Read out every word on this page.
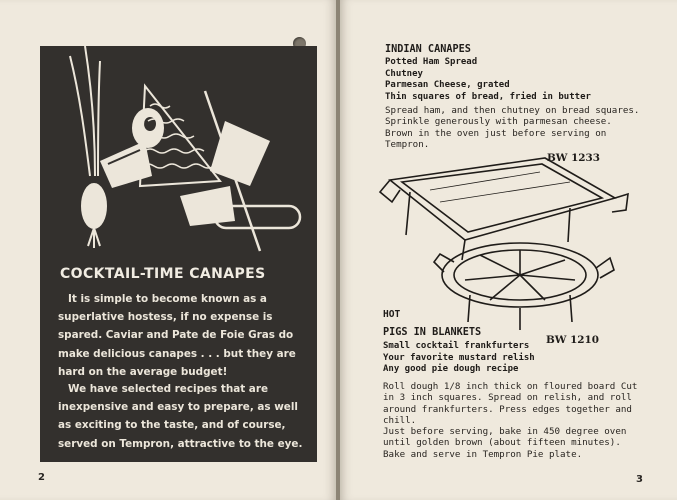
COCKTAIL-TIME CANAPES

It is simple to become known as a superlative hostess, if no expense is spared. Caviar and Pate de Foie Gras do make delicious canapes . . . but they are hard on the average budget!

We have selected recipes that are inexpensive and easy to prepare, as well as exciting to the taste, and of course, served on Tempron, attractive to the eye.

2
INDIAN CANAPES
Potted Ham Spread
Chutney
Parmesan Cheese, grated
Thin squares of bread, fried in butter

Spread ham, and then chutney on bread squares. Sprinkle generously with parmesan cheese. Brown in the oven just before serving on Tempron.

BW 1233
BW 1210
HOT
PIGS IN BLANKETS
Small cocktail frankfurters
Your favorite mustard relish
Any good pie dough recipe

Roll dough 1/8 inch thick on floured board Cut in 3 inch squares. Spread on relish, and roll around frankfurters. Press edges together and chill.

Just before serving, bake in 450 degree oven until golden brown (about fifteen minutes). Bake and serve in Tempron Pie plate.

3
